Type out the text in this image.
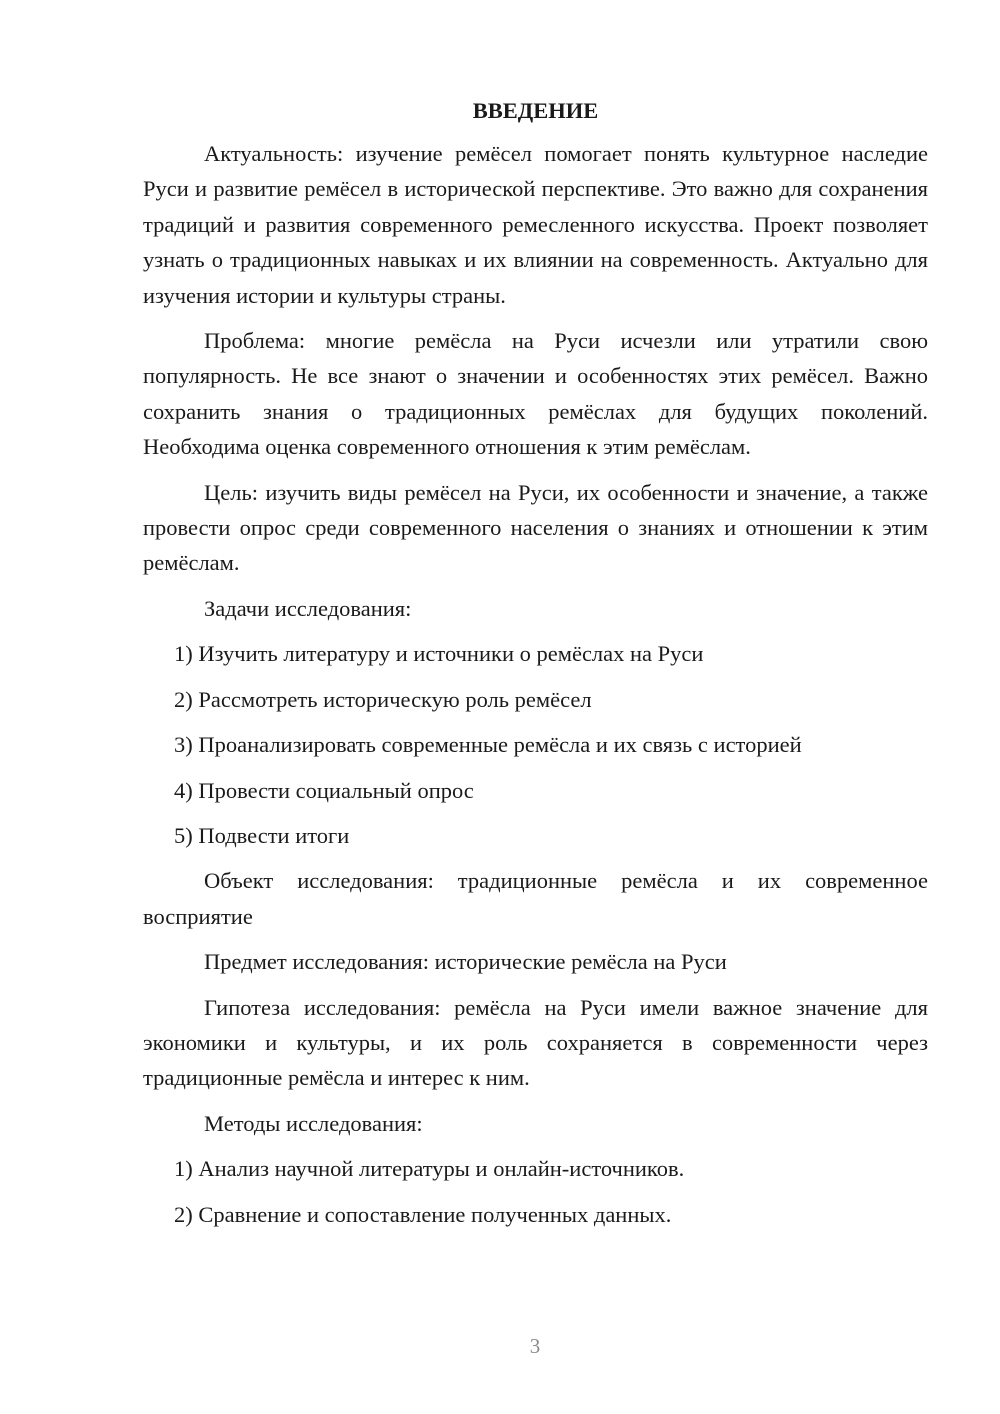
ВВЕДЕНИЕ

Актуальность: изучение ремёсел помогает понять культурное наследие Руси и развитие ремёсел в исторической перспективе. Это важно для сохранения традиций и развития современного ремесленного искусства. Проект позволяет узнать о традиционных навыках и их влиянии на современность. Актуально для изучения истории и культуры страны.

Проблема: многие ремёсла на Руси исчезли или утратили свою популярность. Не все знают о значении и особенностях этих ремёсел. Важно сохранить знания о традиционных ремёслах для будущих поколений. Необходима оценка современного отношения к этим ремёслам.

Цель: изучить виды ремёсел на Руси, их особенности и значение, а также провести опрос среди современного населения о знаниях и отношении к этим ремёслам.

Задачи исследования:

1) Изучить литературу и источники о ремёслах на Руси
2) Рассмотреть историческую роль ремёсел
3) Проанализировать современные ремёсла и их связь с историей
4) Провести социальный опрос
5) Подвести итоги

Объект исследования: традиционные ремёсла и их современное восприятие

Предмет исследования: исторические ремёсла на Руси

Гипотеза исследования: ремёсла на Руси имели важное значение для экономики и культуры, и их роль сохраняется в современности через традиционные ремёсла и интерес к ним.

Методы исследования:

1) Анализ научной литературы и онлайн-источников.
2) Сравнение и сопоставление полученных данных.
3
